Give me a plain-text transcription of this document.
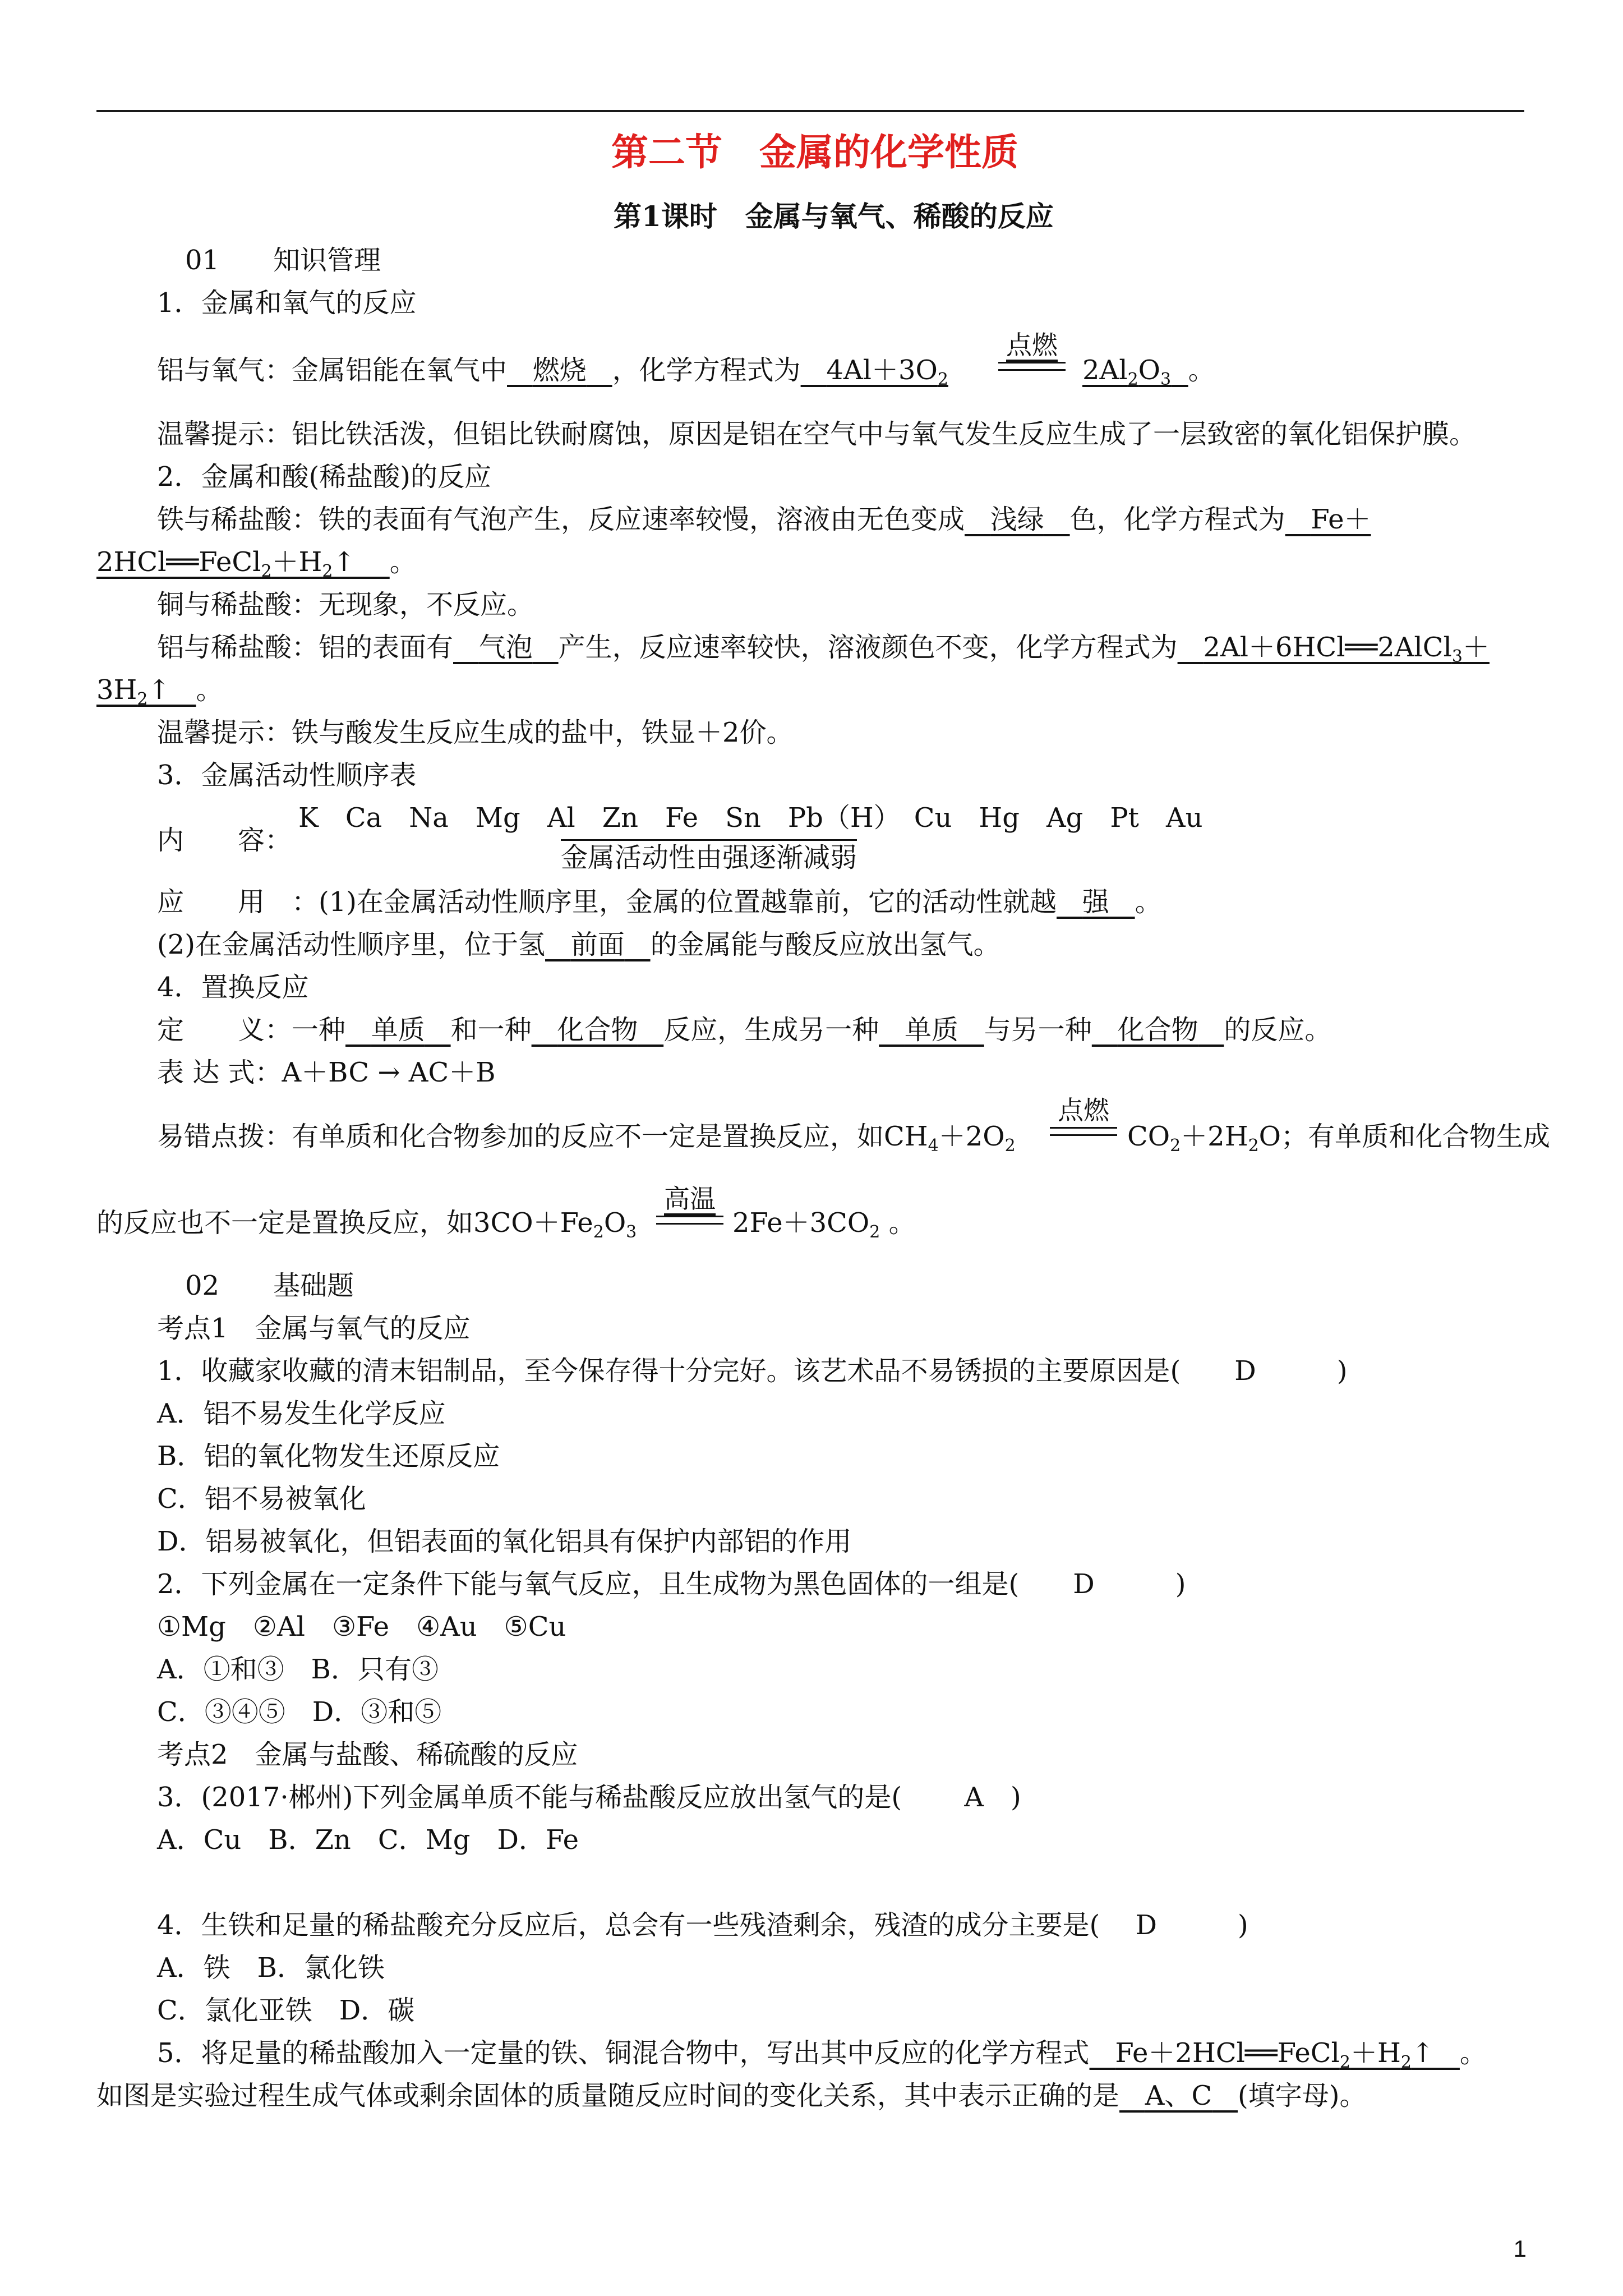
第二节　金属的化学性质
第1课时　金属与氧气、稀酸的反应
01　　知识管理
1．金属和氧气的反应
铝与氧气：金属铝能在氧气中 燃烧 ，化学方程式为 $4Al+3O_2$
点燃
$2Al_2O_3$ 。
温馨提示：铝比铁活泼，但铝比铁耐腐蚀，原因是铝在空气中与氧气发生反应生成了一层致密的氧化铝保护膜。
2．金属和酸(稀盐酸)的反应
铁与稀盐酸：铁的表面有气泡产生，反应速率较慢，溶液由无色变成 浅绿 色，化学方程式为 Fe＋
$2HCl══FeCl_2+H_2↑$    。
铜与稀盐酸：无现象，不反应。
铝与稀盐酸：铝的表面有 气泡 产生，反应速率较快，溶液颜色不变，化学方程式为 2Al＋6HCl══2AlCl$_3$＋
$3H_2↑$   。
温馨提示：铁与酸发生反应生成的盐中，铁显＋2价。
3．金属活动性顺序表
内　　容：
K　Ca　Na　Mg　Al　Zn　Fe　Sn　Pb（H）　Cu　Hg　Ag　Pt　Au
金属活动性由强逐渐减弱
应　　用　：(1)在金属活动性顺序里，金属的位置越靠前，它的活动性就越 强 。
(2)在金属活动性顺序里，位于氢 前面 的金属能与酸反应放出氢气。
4．置换反应
定　　义：一种 单质 和一种 化合物 反应，生成另一种 单质 与另一种 化合物 的反应。
表 达 式：A＋BC → AC＋B
易错点拨：有单质和化合物参加的反应不一定是置换反应，如$CH_4+2O_2$
点燃
$CO_2+2H_2O$；有单质和化合物生成
的反应也不一定是置换反应，如$3CO+Fe_2O_3$
高温
$2Fe+3CO_2$ 。
02　　基础题
考点1　金属与氧气的反应
1．收藏家收藏的清末铝制品，至今保存得十分完好。该艺术品不易锈损的主要原因是(　　D　　　)
A．铝不易发生化学反应
B．铝的氧化物发生还原反应
C．铝不易被氧化
D．铝易被氧化，但铝表面的氧化铝具有保护内部铝的作用
2．下列金属在一定条件下能与氧气反应，且生成物为黑色固体的一组是(　　D　　　)
①Mg　②Al　③Fe　④Au　⑤Cu
A．①和③　B．只有③
C．③④⑤　D．③和⑤
考点2　金属与盐酸、稀硫酸的反应
3．(2017·郴州)下列金属单质不能与稀盐酸反应放出氢气的是(　　 A　)
A．Cu　B．Zn　C．Mg　D．Fe
4．生铁和足量的稀盐酸充分反应后，总会有一些残渣剩余，残渣的成分主要是(　 D　　　)
A．铁　B．氯化铁
C．氯化亚铁　D．碳
5．将足量的稀盐酸加入一定量的铁、铜混合物中，写出其中反应的化学方程式 $Fe+2HCl══FeCl_2+H_2↑$   。
如图是实验过程生成气体或剩余固体的质量随反应时间的变化关系，其中表示正确的是 A、C (填字母)。
1
